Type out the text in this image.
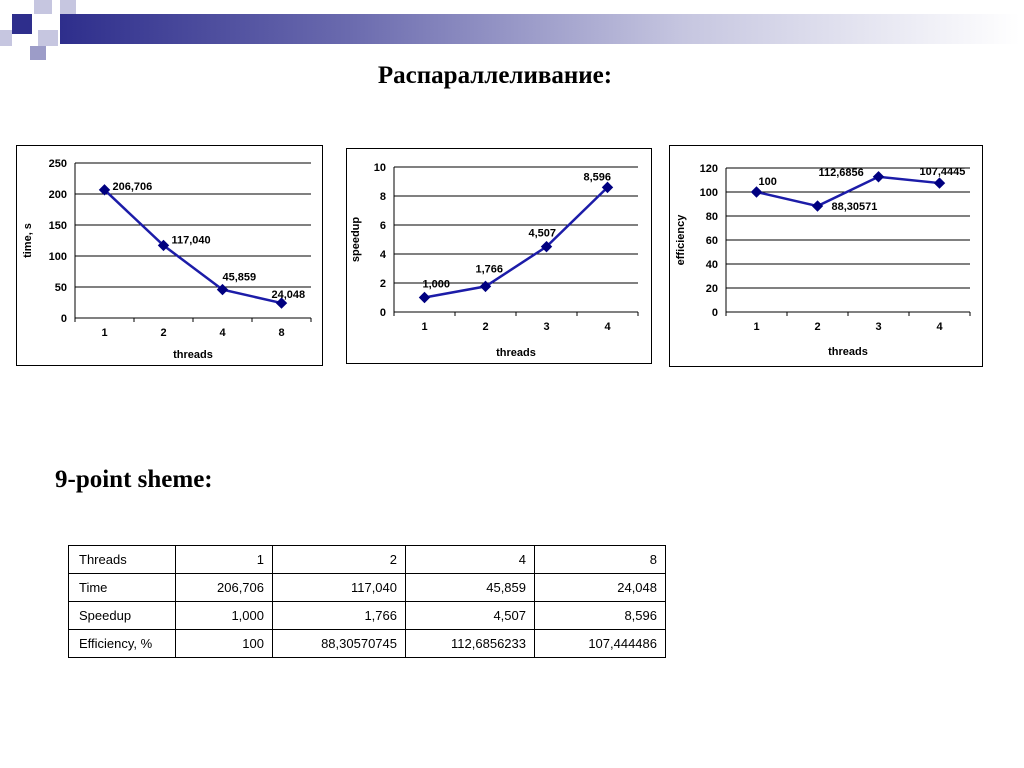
Распараллеливание:
0
50
100
150
200
250
1	2	4	8
threads
time, s
206,706
117,040
45,859
24,048
0
2
4
6
8
10
1	2	3	4
threads
speedup
1,000
1,766
4,507
8,596
0
20
40
60
80
100
120
1	2	3	4
threads
efficiency
100
88,30571
112,6856	107,4445
9-point sheme:
Threads	1	2	4	8
Time	206,706	117,040	45,859	24,048
Speedup	1,000	1,766	4,507	8,596
Efficiency, %	100	88,30570745	112,6856233	107,444486
